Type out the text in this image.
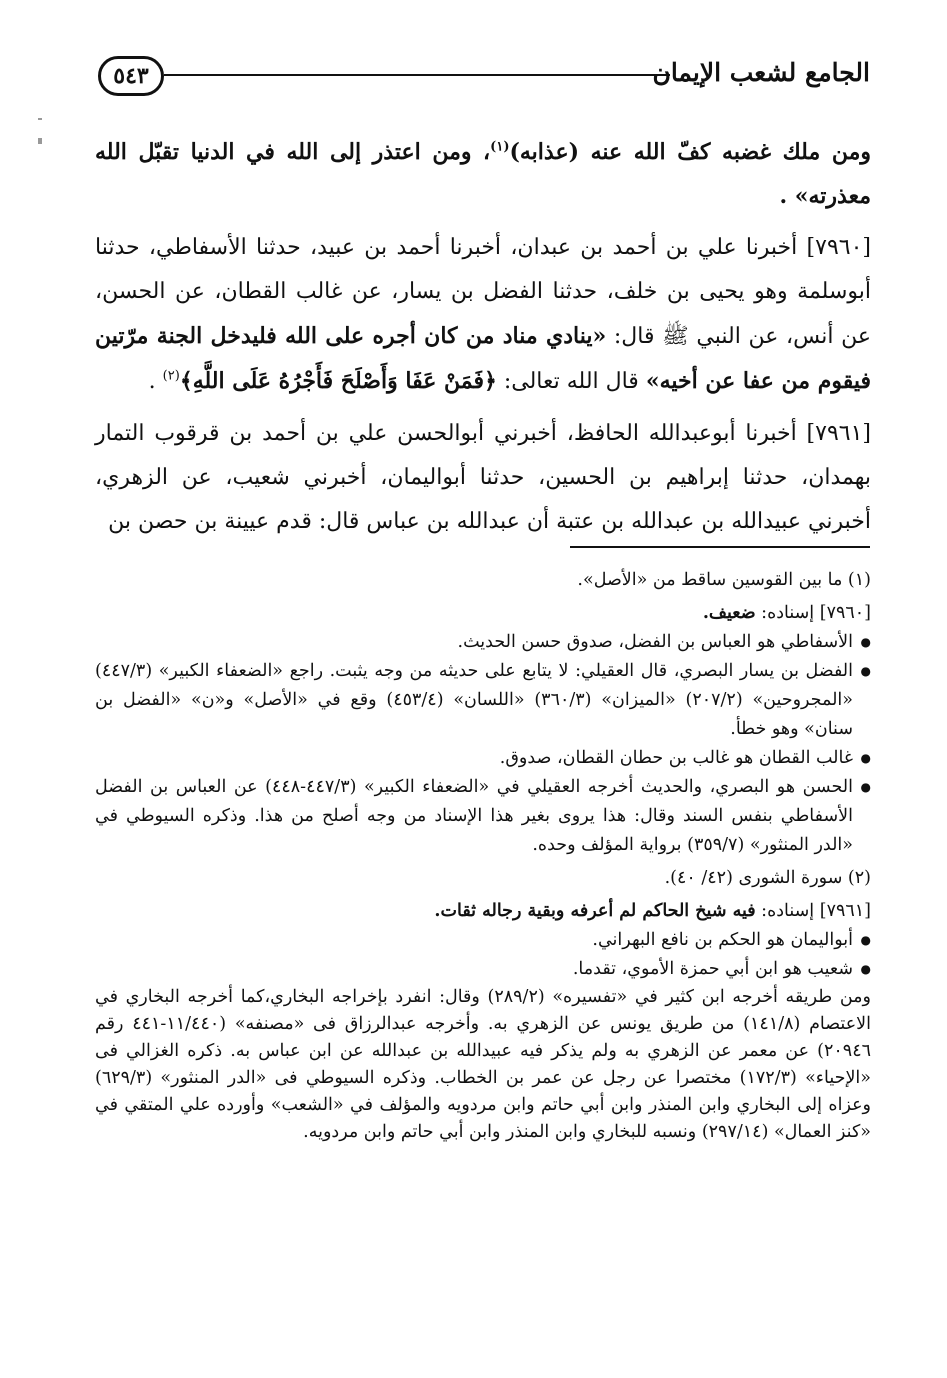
٥٤٣	الجامع لشعب الإيمان

ومن ملك غضبه كفّ الله عنه (عذابه)$^{(١)}$، ومن اعتذر إلى الله في الدنيا تقبّل الله معذرته» .

[٧٩٦٠] أخبرنا علي بن أحمد بن عبدان، أخبرنا أحمد بن عبيد، حدثنا الأسفاطي، حدثنا أبوسلمة وهو يحيى بن خلف، حدثنا الفضل بن يسار، عن غالب القطان، عن الحسن، عن أنس، عن النبي ﷺ قال: «ينادي مناد من كان أجره على الله فليدخل الجنة مرّتين فيقوم من عفا عن أخيه» قال الله تعالى: ﴿فَمَنْ عَفَا وَأَصْلَحَ فَأَجْرُهُ عَلَى اللَّهِ﴾$^{(٢)}$ .

[٧٩٦١] أخبرنا أبوعبدالله الحافظ، أخبرني أبوالحسن علي بن أحمد بن قرقوب التمار بهمدان، حدثنا إبراهيم بن الحسين، حدثنا أبواليمان، أخبرني شعيب، عن الزهري، أخبرني عبيدالله بن عبدالله بن عتبة أن عبدالله بن عباس قال: قدم عيينة بن حصن بن

(١) ما بين القوسين ساقط من «الأصل».

[٧٩٦٠] إسناده: ضعيف.

● الأسفاطي هو العباس بن الفضل، صدوق حسن الحديث.
● الفضل بن يسار البصري، قال العقيلي: لا يتابع على حديثه من وجه يثبت. راجع «الضعفاء الكبير» (٤٤٧/٣) «المجروحين» (٢٠٧/٢) «الميزان» (٣٦٠/٣) «اللسان» (٤٥٣/٤) وقع في «الأصل» و«ن» «الفضل بن سنان» وهو خطأ.
● غالب القطان هو غالب بن حطان القطان، صدوق.
● الحسن هو البصري، والحديث أخرجه العقيلي في «الضعفاء الكبير» (٤٤٧/٣-٤٤٨) عن العباس بن الفضل الأسفاطي بنفس السند وقال: هذا يروى بغير هذا الإسناد من وجه أصلح من هذا. وذكره السيوطي في «الدر المنثور» (٣٥٩/٧) برواية المؤلف وحده.

(٢) سورة الشورى (٤٢/ ٤٠).

[٧٩٦١] إسناده: فيه شيخ الحاكم لم أعرفه وبقية رجاله ثقات.

● أبواليمان هو الحكم بن نافع البهراني.
● شعيب هو ابن أبي حمزة الأموي، تقدما.

ومن طريقه أخرجه ابن كثير في «تفسيره» (٢٨٩/٢) وقال: انفرد بإخراجه البخاري،كما أخرجه البخاري في الاعتصام (١٤١/٨) من طريق يونس عن الزهري به. وأخرجه عبدالرزاق فى «مصنفه» (١١/٤٤٠-٤٤١ رقم ٢٠٩٤٦) عن معمر عن الزهري به ولم يذكر فيه عبيدالله بن عبدالله عن ابن عباس به. ذكره الغزالي فى «الإحياء» (١٧٢/٣) مختصرا عن رجل عن عمر بن الخطاب. وذكره السيوطي فى «الدر المنثور» (٦٢٩/٣) وعزاه إلى البخاري وابن المنذر وابن أبي حاتم وابن مردويه والمؤلف في «الشعب» وأورده علي المتقي في «كنز العمال» (٢٩٧/١٤) ونسبه للبخاري وابن المنذر وابن أبي حاتم وابن مردويه.
